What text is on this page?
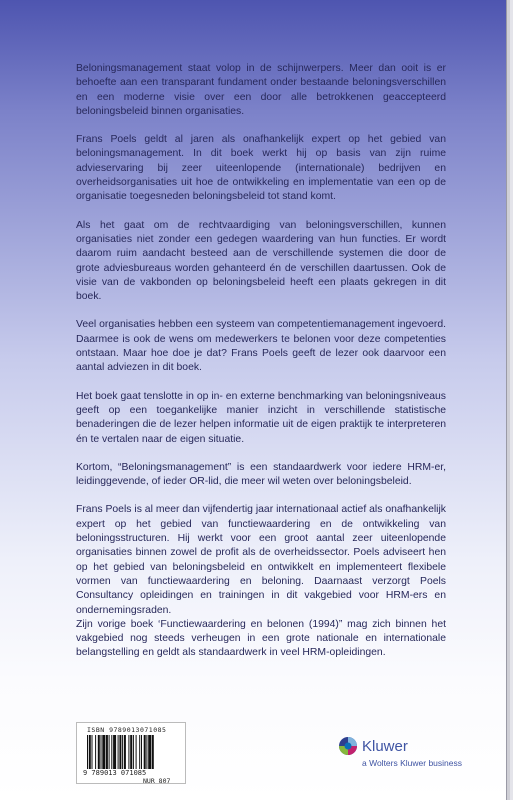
Beloningsmanagement staat volop in de schijnwerpers. Meer dan ooit is er behoefte aan een transparant fundament onder bestaande beloningsverschillen en een moderne visie over een door alle betrokkenen geaccepteerd beloningsbeleid binnen organisaties.

Frans Poels geldt al jaren als onafhankelijk expert op het gebied van beloningsmanagement. In dit boek werkt hij op basis van zijn ruime advieservaring bij zeer uiteenlopende (internationale) bedrijven en overheidsorganisaties uit hoe de ontwikkeling en implementatie van een op de organisatie toegesneden beloningsbeleid tot stand komt.

Als het gaat om de rechtvaardiging van beloningsverschillen, kunnen organisaties niet zonder een gedegen waardering van hun functies. Er wordt daarom ruim aandacht besteed aan de verschillende systemen die door de grote adviesbureaus worden gehanteerd én de verschillen daartussen. Ook de visie van de vakbonden op beloningsbeleid heeft een plaats gekregen in dit boek.

Veel organisaties hebben een systeem van competentiemanagement ingevoerd. Daarmee is ook de wens om medewerkers te belonen voor deze competenties ontstaan. Maar hoe doe je dat? Frans Poels geeft de lezer ook daarvoor een aantal adviezen in dit boek.

Het boek gaat tenslotte in op in- en externe benchmarking van beloningsniveaus geeft op een toegankelijke manier inzicht in verschillende statistische benaderingen die de lezer helpen informatie uit de eigen praktijk te interpreteren én te vertalen naar de eigen situatie.

Kortom, “Beloningsmanagement” is een standaardwerk voor iedere HRM-er, leidinggevende, of ieder OR-lid, die meer wil weten over beloningsbeleid.

Frans Poels is al meer dan vijfendertig jaar internationaal actief als onafhankelijk expert op het gebied van functiewaardering en de ontwikkeling van beloningsstructuren. Hij werkt voor een groot aantal zeer uiteenlopende organisaties binnen zowel de profit als de overheidssector. Poels adviseert hen op het gebied van beloningsbeleid en ontwikkelt en implementeert flexibele vormen van functiewaardering en beloning. Daarnaast verzorgt Poels Consultancy opleidingen en trainingen in dit vakgebied voor HRM-ers en ondernemingsraden.

Zijn vorige boek ‘Functiewaardering en belonen (1994)” mag zich binnen het vakgebied nog steeds verheugen in een grote nationale en internationale belangstelling en geldt als standaardwerk in veel HRM-opleidingen.

ISBN 9789013071085
9 789013 071085
NUR 807
Kluwer
a Wolters Kluwer business
